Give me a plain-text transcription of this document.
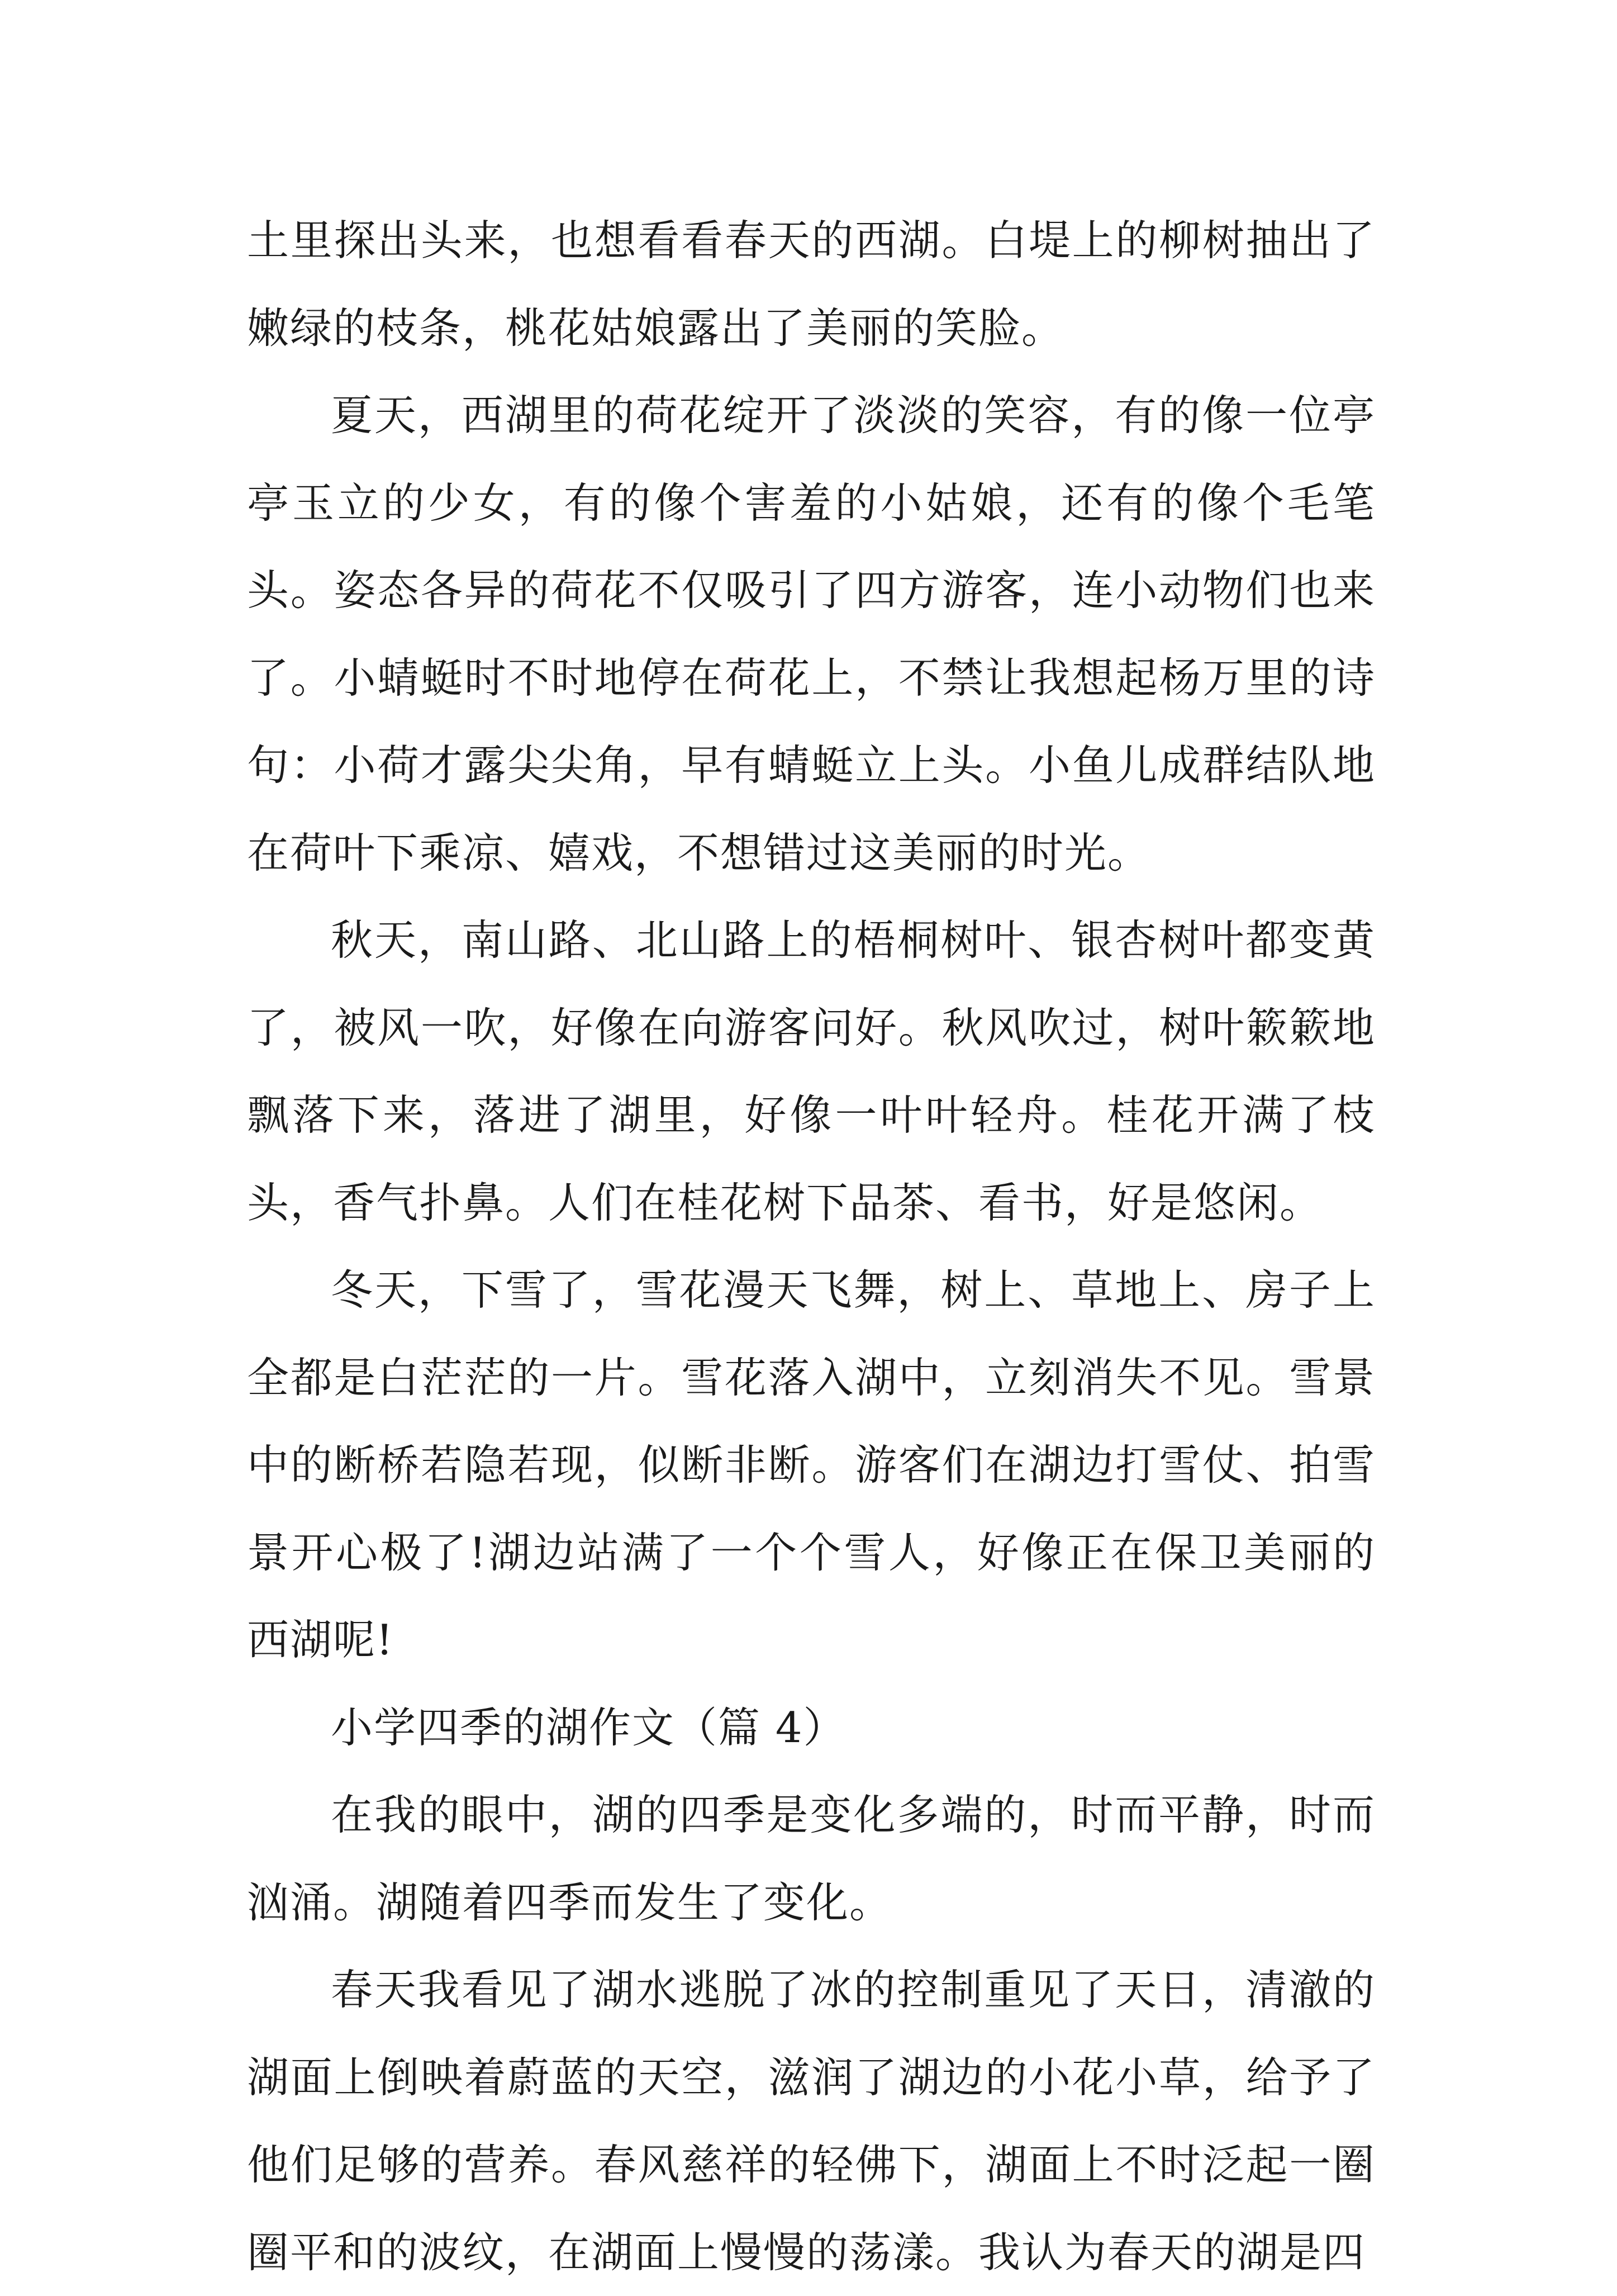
土里探出头来，也想看看春天的西湖。白堤上的柳树抽出了嫩绿的枝条，桃花姑娘露出了美丽的笑脸。

夏天，西湖里的荷花绽开了淡淡的笑容，有的像一位亭亭玉立的少女，有的像个害羞的小姑娘，还有的像个毛笔头。姿态各异的荷花不仅吸引了四方游客，连小动物们也来了。小蜻蜓时不时地停在荷花上，不禁让我想起杨万里的诗句：小荷才露尖尖角，早有蜻蜓立上头。小鱼儿成群结队地在荷叶下乘凉、嬉戏，不想错过这美丽的时光。

秋天，南山路、北山路上的梧桐树叶、银杏树叶都变黄了，被风一吹，好像在向游客问好。秋风吹过，树叶簌簌地飘落下来，落进了湖里，好像一叶叶轻舟。桂花开满了枝头，香气扑鼻。人们在桂花树下品茶、看书，好是悠闲。

冬天，下雪了，雪花漫天飞舞，树上、草地上、房子上全都是白茫茫的一片。雪花落入湖中，立刻消失不见。雪景中的断桥若隐若现，似断非断。游客们在湖边打雪仗、拍雪景开心极了!湖边站满了一个个雪人，好像正在保卫美丽的西湖呢!

小学四季的湖作文（篇 4）

在我的眼中，湖的四季是变化多端的，时而平静，时而汹涌。湖随着四季而发生了变化。

春天我看见了湖水逃脱了冰的控制重见了天日，清澈的湖面上倒映着蔚蓝的天空，滋润了湖边的小花小草，给予了他们足够的营养。春风慈祥的轻佛下，湖面上不时泛起一圈圈平和的波纹，在湖面上慢慢的荡漾。我认为春天的湖是四
